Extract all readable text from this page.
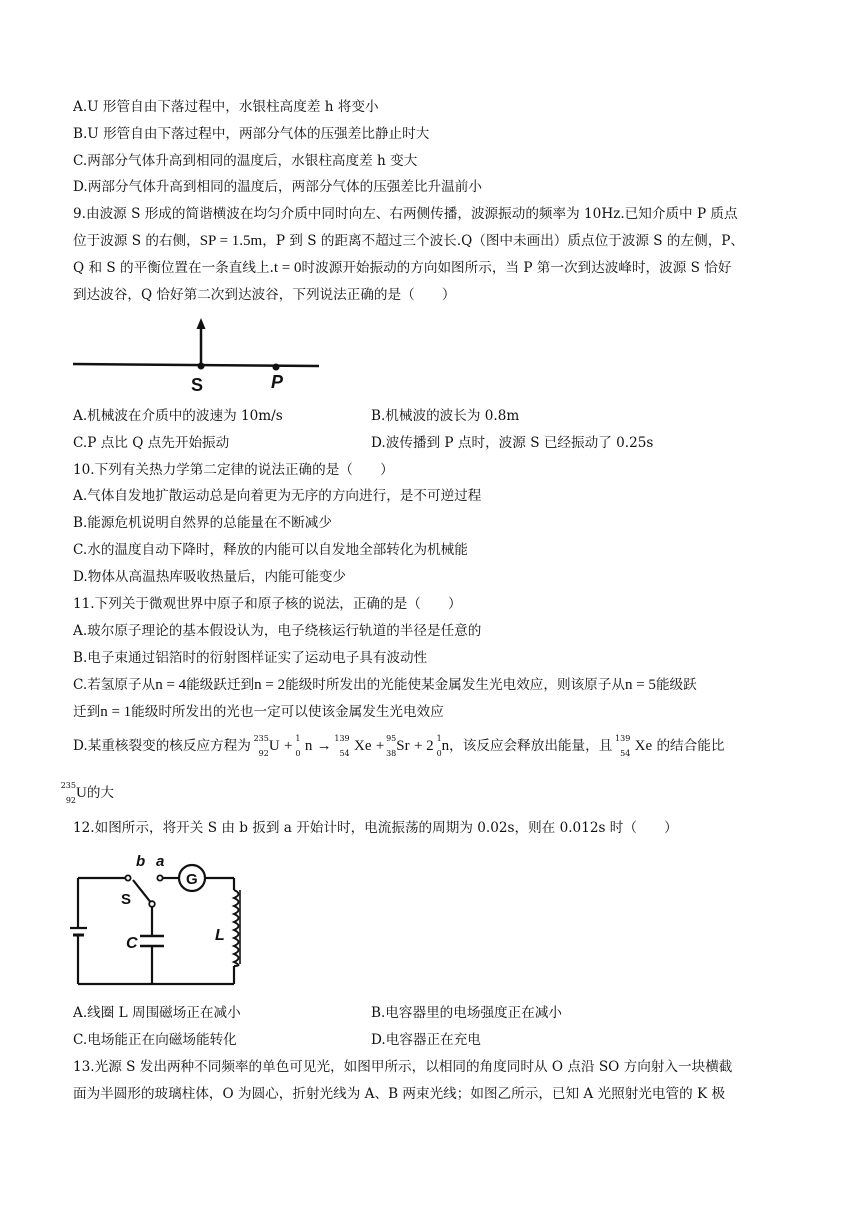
A.U 形管自由下落过程中，水银柱高度差 h 将变小
B.U 形管自由下落过程中，两部分气体的压强差比静止时大
C.两部分气体升高到相同的温度后，水银柱高度差 h 变大
D.两部分气体升高到相同的温度后，两部分气体的压强差比升温前小
9.由波源 S 形成的简谐横波在均匀介质中同时向左、右两侧传播，波源振动的频率为 10Hz.已知介质中 P 质点
位于波源 S 的右侧，SP = 1.5m，P 到 S 的距离不超过三个波长.Q（图中未画出）质点位于波源 S 的左侧，P、
Q 和 S 的平衡位置在一条直线上.t = 0时波源开始振动的方向如图所示，当 P 第一次到达波峰时，波源 S 恰好
到达波谷，Q 恰好第二次到达波谷，下列说法正确的是（　　）
S	P
A.机械波在介质中的波速为 10m/s	B.机械波的波长为 0.8m
C.P 点比 Q 点先开始振动	D.波传播到 P 点时，波源 S 已经振动了 0.25s
10.下列有关热力学第二定律的说法正确的是（　　）
A.气体自发地扩散运动总是向着更为无序的方向进行，是不可逆过程
B.能源危机说明自然界的总能量在不断减少
C.水的温度自动下降时，释放的内能可以自发地全部转化为机械能
D.物体从高温热库吸收热量后，内能可能变少
11.下列关于微观世界中原子和原子核的说法，正确的是（　　）
A.玻尔原子理论的基本假设认为，电子绕核运行轨道的半径是任意的
B.电子束通过铝箔时的衍射图样证实了运动电子具有波动性
C.若氢原子从n = 4能级跃迁到n = 2能级时所发出的光能使某金属发生光电效应，则该原子从n = 5能级跃
迁到n = 1能级时所发出的光也一定可以使该金属发生光电效应
D.某重核裂变的核反应方程为 235
92 U + 1
0 n → 139
54 Xe + 95
38 Sr + 2 1
0 n，该反应会释放出能量，且 139
54 Xe 的结合能比
235
92 U的大
12.如图所示，将开关 S 由 b 扳到 a 开始计时，电流振荡的周期为 0.02s，则在 0.012s 时（　　）
G
b a
S
C	L
A.线圈 L 周围磁场正在减小	B.电容器里的电场强度正在减小
C.电场能正在向磁场能转化	D.电容器正在充电
13.光源 S 发出两种不同频率的单色可见光，如图甲所示，以相同的角度同时从 O 点沿 SO 方向射入一块横截
面为半圆形的玻璃柱体，O 为圆心，折射光线为 A、B 两束光线；如图乙所示，已知 A 光照射光电管的 K 极
